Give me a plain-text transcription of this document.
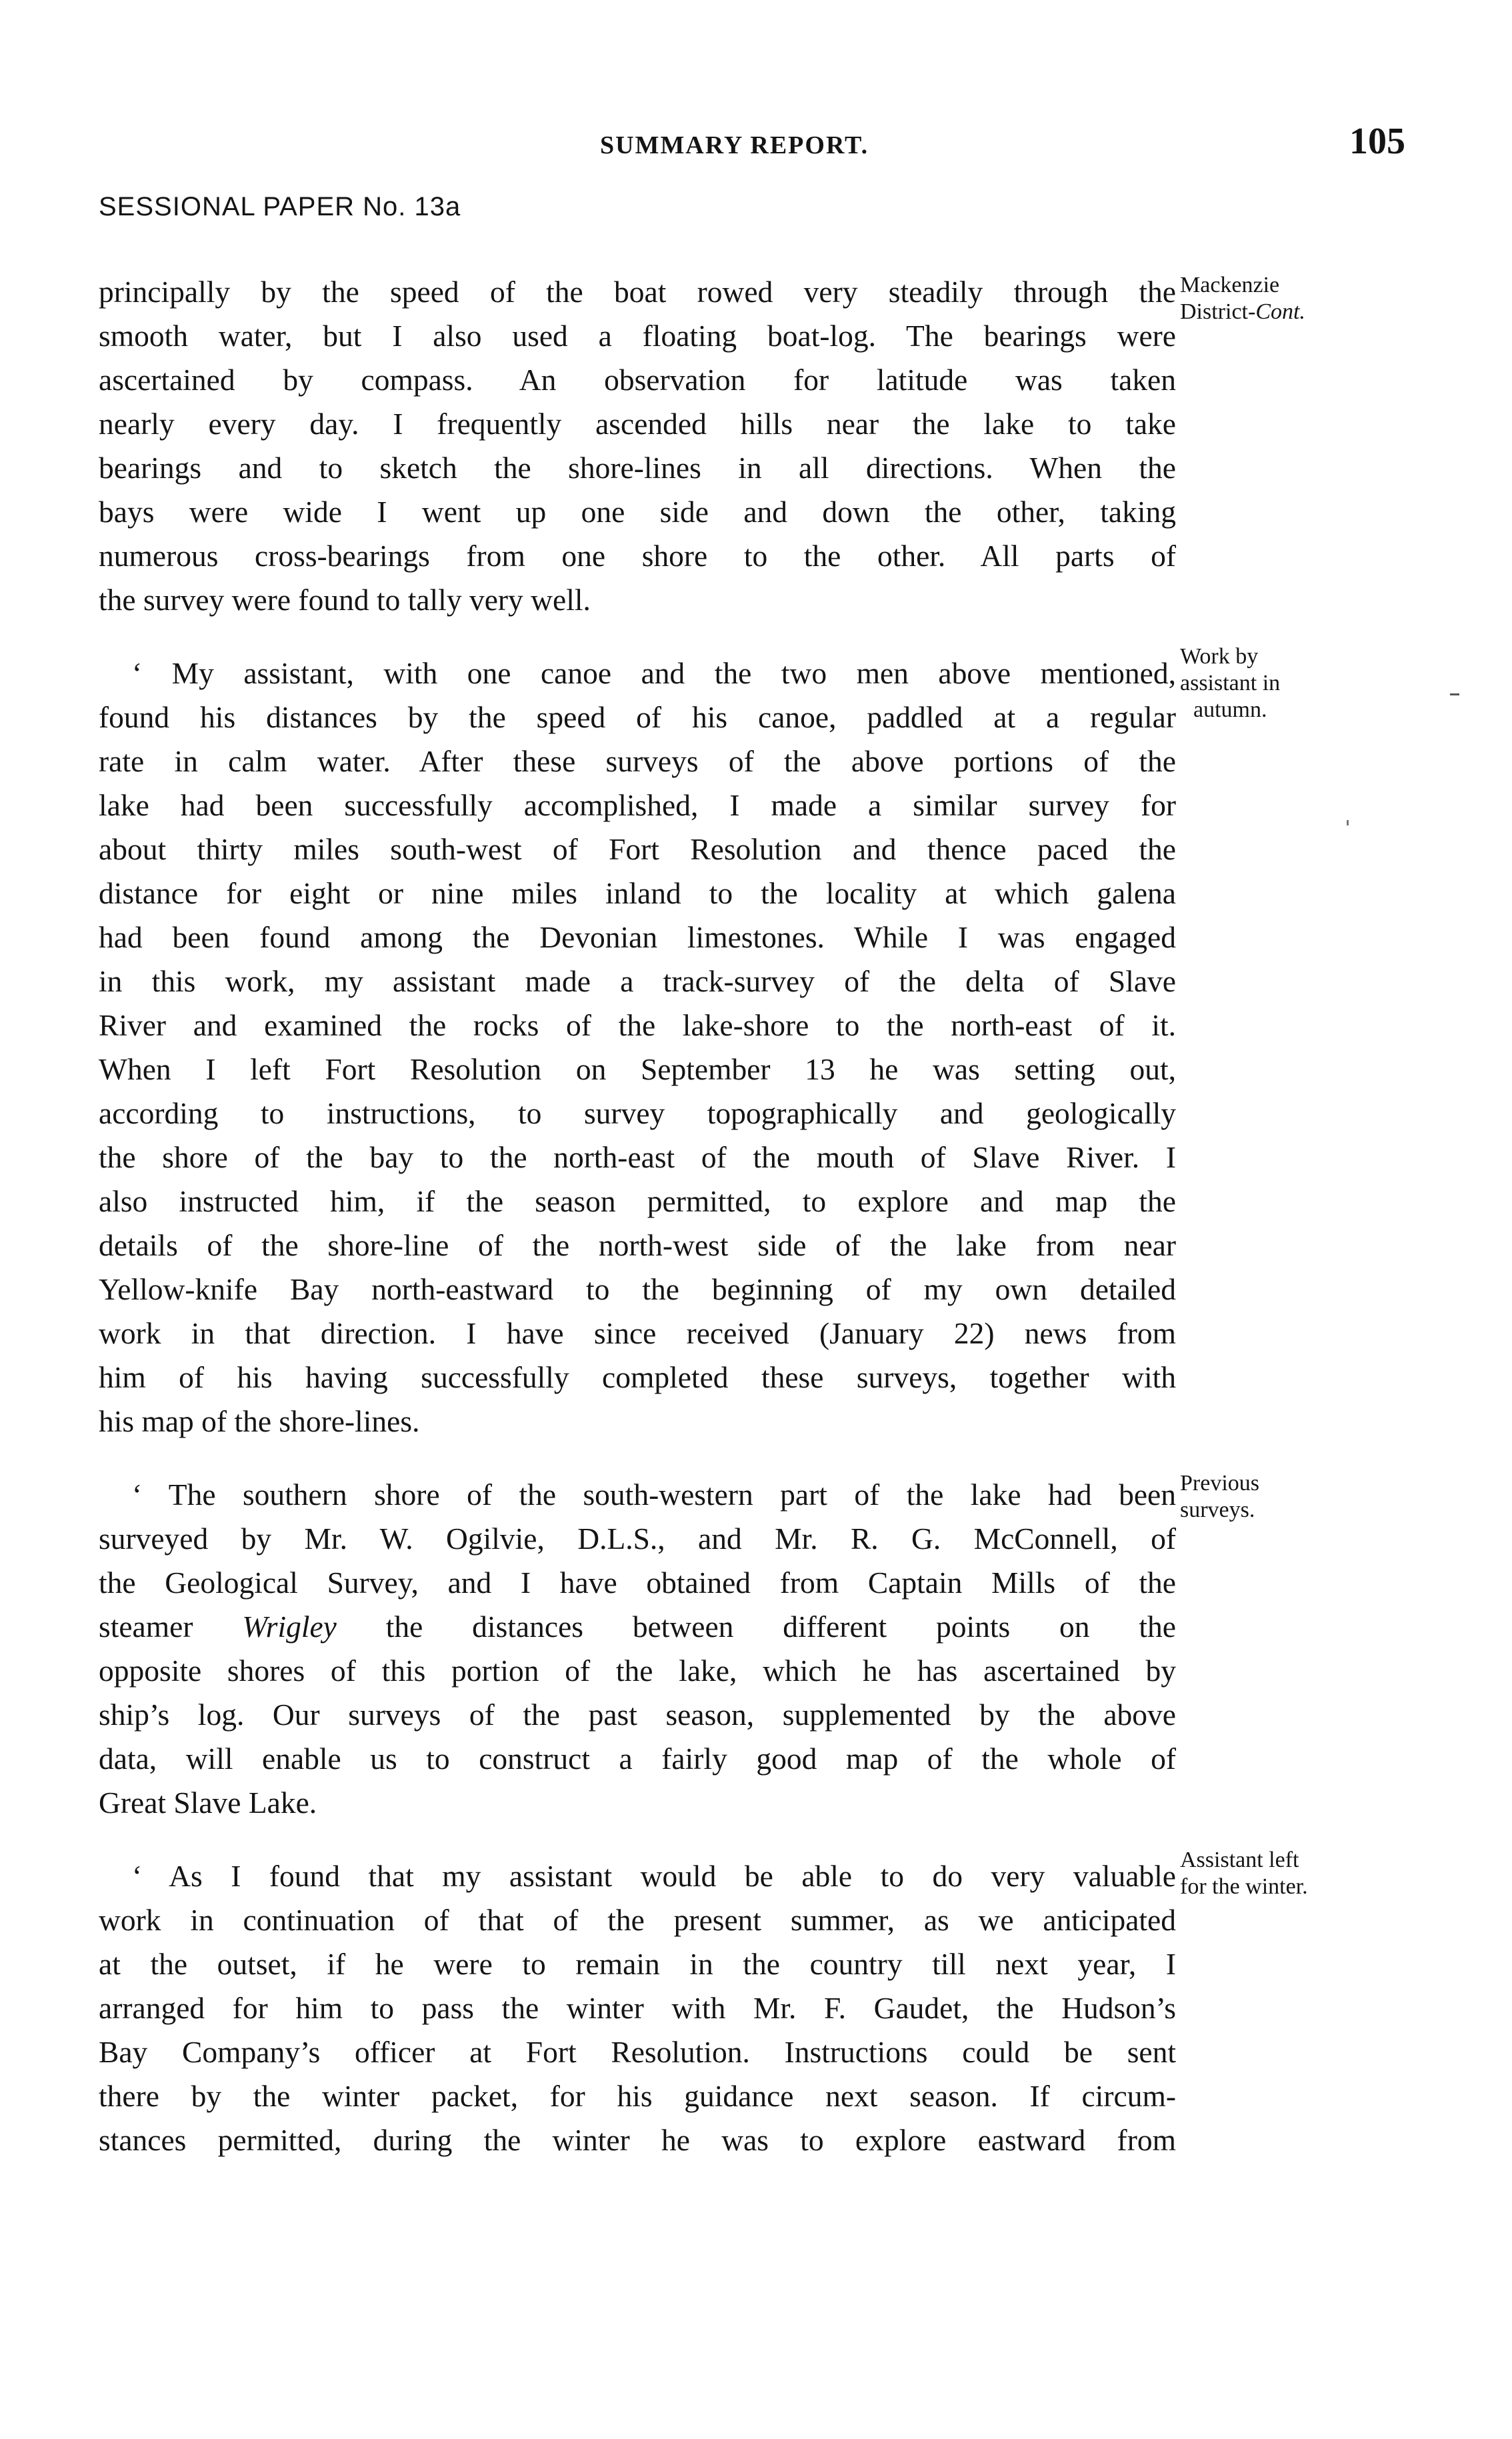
SUMMARY REPORT.	105
SESSIONAL PAPER No. 13a
principally by the speed of the boat rowed very steadily through the
smooth water, but I also used a floating boat-log. The bearings were
ascertained by compass. An observation for latitude was taken
nearly every day. I frequently ascended hills near the lake to take
bearings and to sketch the shore-lines in all directions. When the
bays were wide I went up one side and down the other, taking
numerous cross-bearings from one shore to the other. All parts of
the survey were found to tally very well.
‘ My assistant, with one canoe and the two men above mentioned,
found his distances by the speed of his canoe, paddled at a regular
rate in calm water. After these surveys of the above portions of the
lake had been successfully accomplished, I made a similar survey for
about thirty miles south-west of Fort Resolution and thence paced the
distance for eight or nine miles inland to the locality at which galena
had been found among the Devonian limestones. While I was engaged
in this work, my assistant made a track-survey of the delta of Slave
River and examined the rocks of the lake-shore to the north-east of it.
When I left Fort Resolution on September 13 he was setting out,
according to instructions, to survey topographically and geologically
the shore of the bay to the north-east of the mouth of Slave River. I
also instructed him, if the season permitted, to explore and map the
details of the shore-line of the north-west side of the lake from near
Yellow-knife Bay north-eastward to the beginning of my own detailed
work in that direction. I have since received (January 22) news from
him of his having successfully completed these surveys, together with
his map of the shore-lines.
‘ The southern shore of the south-western part of the lake had been
surveyed by Mr. W. Ogilvie, D.L.S., and Mr. R. G. McConnell, of
the Geological Survey, and I have obtained from Captain Mills of the
steamer Wrigley the distances between different points on the
opposite shores of this portion of the lake, which he has ascertained by
ship’s log. Our surveys of the past season, supplemented by the above
data, will enable us to construct a fairly good map of the whole of
Great Slave Lake.
‘ As I found that my assistant would be able to do very valuable
work in continuation of that of the present summer, as we anticipated
at the outset, if he were to remain in the country till next year, I
arranged for him to pass the winter with Mr. F. Gaudet, the Hudson’s
Bay Company’s officer at Fort Resolution. Instructions could be sent
there by the winter packet, for his guidance next season. If circum-
stances permitted, during the winter he was to explore eastward from
Mackenzie
District-Cont.
Work by
assistant in
autumn.
Previous
surveys.
Assistant left
for the winter.
